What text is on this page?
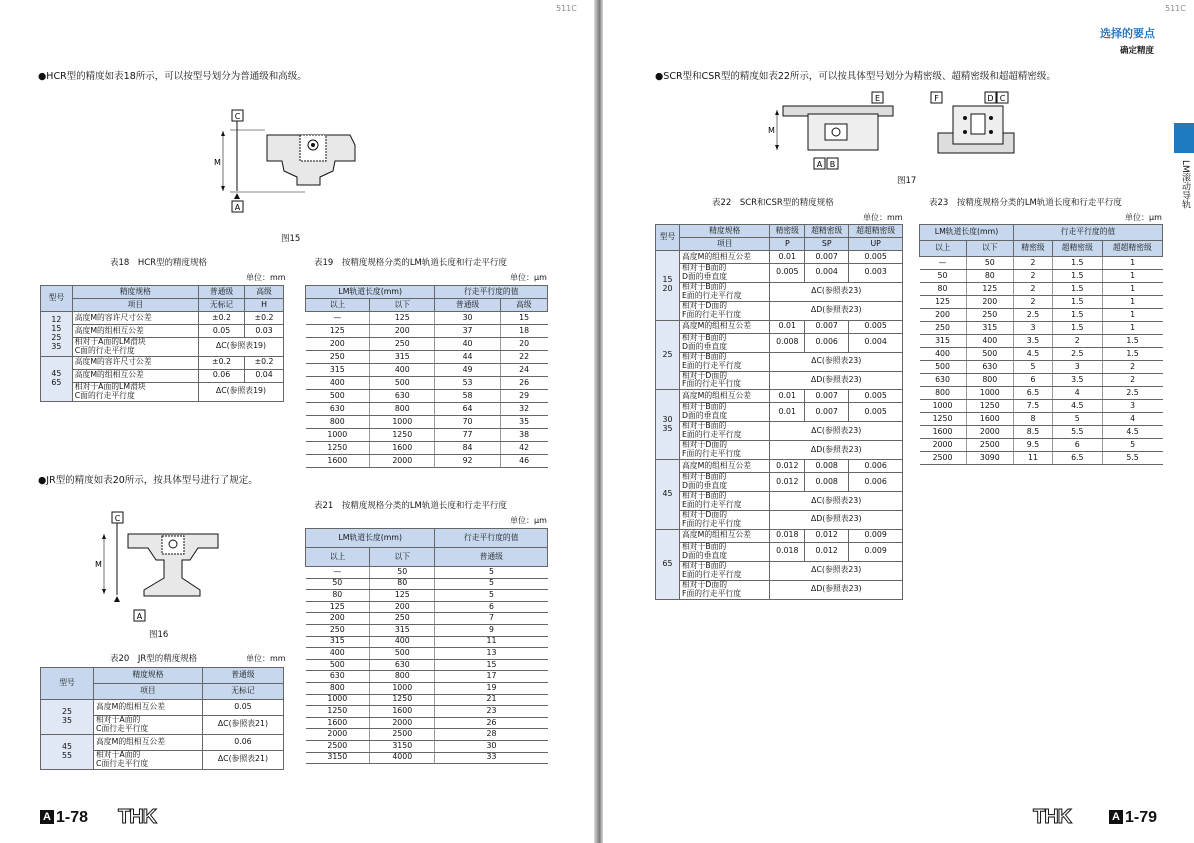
511C
●HCR型的精度如表18所示，可以按型号划分为普通级和高级。
C
M
A
图15
表18　HCR型的精度规格
单位：mm
型号	精度规格	普通级	高级
	项目	无标记	H

12
15
25
35	高度M的容许尺寸公差	±0.2	±0.2
	高度M的组相互公差	0.05	0.03

	相对于A面的LM滑块
C面的行走平行度	ΔC(参照表19)	

45
65	高度M的容许尺寸公差	±0.2	±0.2
	高度M的组相互公差	0.06	0.04

	相对于A面的LM滑块
C面的行走平行度	ΔC(参照表19)	

表19　按精度规格分类的LM轨道长度和行走平行度
单位：μm
LM轨道长度(mm)		行走平行度的值	
以上	以下	普通级	高级
—	125	30	15
125	200	37	18
200	250	40	20
250	315	44	22
315	400	49	24
400	500	53	26
500	630	58	29
630	800	64	32
800	1000	70	35
1000	1250	77	38
1250	1600	84	42
1600	2000	92	46
●JR型的精度如表20所示，按具体型号进行了规定。
C
M
A
图16
表20　JR型的精度规格	单位：mm
型号	精度规格	普通级
	项目	无标记

25
35	高度M的组相互公差	0.05

	相对于A面的
C面行走平行度	ΔC(参照表21)

45
55	高度M的组相互公差	0.06

	相对于A面的
C面行走平行度	ΔC(参照表21)

表21　按精度规格分类的LM轨道长度和行走平行度
单位：μm
LM轨道长度(mm)		行走平行度的值
以上	以下	普通级
—	50	5
50	80	5
80	125	5
125	200	6
200	250	7
250	315	9
315	400	11
400	500	13
500	630	15
630	800	17
800	1000	19
1000	1250	21
1250	1600	23
1600	2000	26
2000	2500	28
2500	3150	30
3150	4000	33
A 1-78 THK
511C
选择的要点
确定精度
LM滚动导轨
●SCR型和CSR型的精度如表22所示，可以按具体型号划分为精密级、超精密级和超超精密级。
M
E
A B
F	D C
图17
表22　SCR和CSR型的精度规格
单位：mm
型号	精度规格	精密级	超精密级	超超精密级
	项目	P	SP	UP

15
20	高度M的组相互公差	0.01	0.007	0.005

	相对于B面的
D面的垂直度	0.005	0.004	0.003

	相对于B面的
E面的行走平行度	ΔC(参照表23)		

	相对于D面的
F面的行走平行度	ΔD(参照表23)		

25	高度M的组相互公差	0.01	0.007	0.005

	相对于B面的
D面的垂直度	0.008	0.006	0.004

	相对于B面的
E面的行走平行度	ΔC(参照表23)		

	相对于D面的
F面的行走平行度	ΔD(参照表23)		

30
35	高度M的组相互公差	0.01	0.007	0.005

	相对于B面的
D面的垂直度	0.01	0.007	0.005

	相对于B面的
E面的行走平行度	ΔC(参照表23)		

	相对于D面的
F面的行走平行度	ΔD(参照表23)		

45	高度M的组相互公差	0.012	0.008	0.006

	相对于B面的
D面的垂直度	0.012	0.008	0.006

	相对于B面的
E面的行走平行度	ΔC(参照表23)		

	相对于D面的
F面的行走平行度	ΔD(参照表23)		

65	高度M的组相互公差	0.018	0.012	0.009

	相对于B面的
D面的垂直度	0.018	0.012	0.009

	相对于B面的
E面的行走平行度	ΔC(参照表23)		

	相对于D面的
F面的行走平行度	ΔD(参照表23)		
表23　按精度规格分类的LM轨道长度和行走平行度
单位：μm
LM轨道长度(mm)		行走平行度的值		
以上	以下	精密级	超精密级	超超精密级
—	50	2	1.5	1
50	80	2	1.5	1
80	125	2	1.5	1
125	200	2	1.5	1
200	250	2.5	1.5	1
250	315	3	1.5	1
315	400	3.5	2	1.5
400	500	4.5	2.5	1.5
500	630	5	3	2
630	800	6	3.5	2
800	1000	6.5	4	2.5
1000	1250	7.5	4.5	3
1250	1600	8	5	4
1600	2000	8.5	5.5	4.5
2000	2500	9.5	6	5
2500	3090	11	6.5	5.5
THK	A 1-79
